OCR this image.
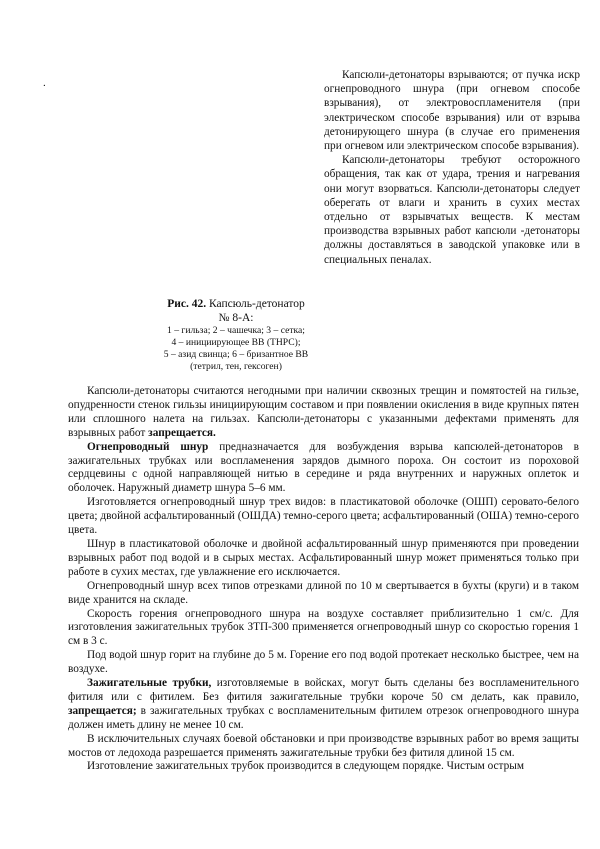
.

Капсюли-детонаторы взрываются; от пучка искр огнепроводного шнура (при огневом способе взрывания), от электровоспламенителя (при электрическом способе взрывания) или от взрыва детонирующего шнура (в случае его применения при огневом или электрическом способе взрывания).

Капсюли-детонаторы требуют осторожного обращения, так как от удара, трения и нагревания они могут взорваться. Капсюли-детонаторы следует оберегать от влаги и хранить в сухих местах отдельно от взрывчатых веществ. К местам производства взрывных работ капсюли -детонаторы должны доставляться в заводской упаковке или в специальных пеналах.

Рис. 42. Капсюль-детонатор
№ 8-А:
1 – гильза; 2 – чашечка; 3 – сетка;
4 – инициирующее ВВ (ТНРС);
5 – азид свинца; 6 – бризантное ВВ
(тетрил, тен, гексоген)

Капсюли-детонаторы считаются негодными при наличии сквозных трещин и помятостей на гильзе, опудренности стенок гильзы инициирующим составом и при появлении окисления в виде крупных пятен или сплошного налета на гильзах. Капсюли-детонаторы с указанными дефектами применять для взрывных работ запрещается.

Огнепроводный шнур предназначается для возбуждения взрыва капсюлей-детонаторов в зажигательных трубках или воспламенения зарядов дымного пороха. Он состоит из пороховой сердцевины с одной направляющей нитью в середине и ряда внутренних и наружных оплеток и оболочек. Наружный диаметр шнура 5–6 мм.

Изготовляется огнепроводный шнур трех видов: в пластикатовой оболочке (ОШП) серовато-белого цвета; двойной асфальтированный (ОШДА) темно-серого цвета; асфальтированный (ОША) темно-серого цвета.

Шнур в пластикатовой оболочке и двойной асфальтированный шнур применяются при проведении взрывных работ под водой и в сырых местах. Асфальтированный шнур может применяться только при работе в сухих местах, где увлажнение его исключается.

Огнепроводный шнур всех типов отрезками длиной по 10 м свертывается в бухты (круги) и в таком виде хранится на складе.

Скорость горения огнепроводного шнура на воздухе составляет приблизительно 1 см/с. Для изготовления зажигательных трубок ЗТП-300 применяется огнепроводный шнур со скоростью горения 1 см в 3 с.

Под водой шнур горит на глубине до 5 м. Горение его под водой протекает несколько быстрее, чем на воздухе.

Зажигательные трубки, изготовляемые в войсках, могут быть сделаны без воспламенительного фитиля или с фитилем. Без фитиля зажигательные трубки короче 50 см делать, как правило, запрещается; в зажигательных трубках с воспламенительным фитилем отрезок огнепроводного шнура должен иметь длину не менее 10 см.

В исключительных случаях боевой обстановки и при производстве взрывных работ во время защиты мостов от ледохода разрешается применять зажигательные трубки без фитиля длиной 15 см.

Изготовление зажигательных трубок производится в следующем порядке. Чистым острым
